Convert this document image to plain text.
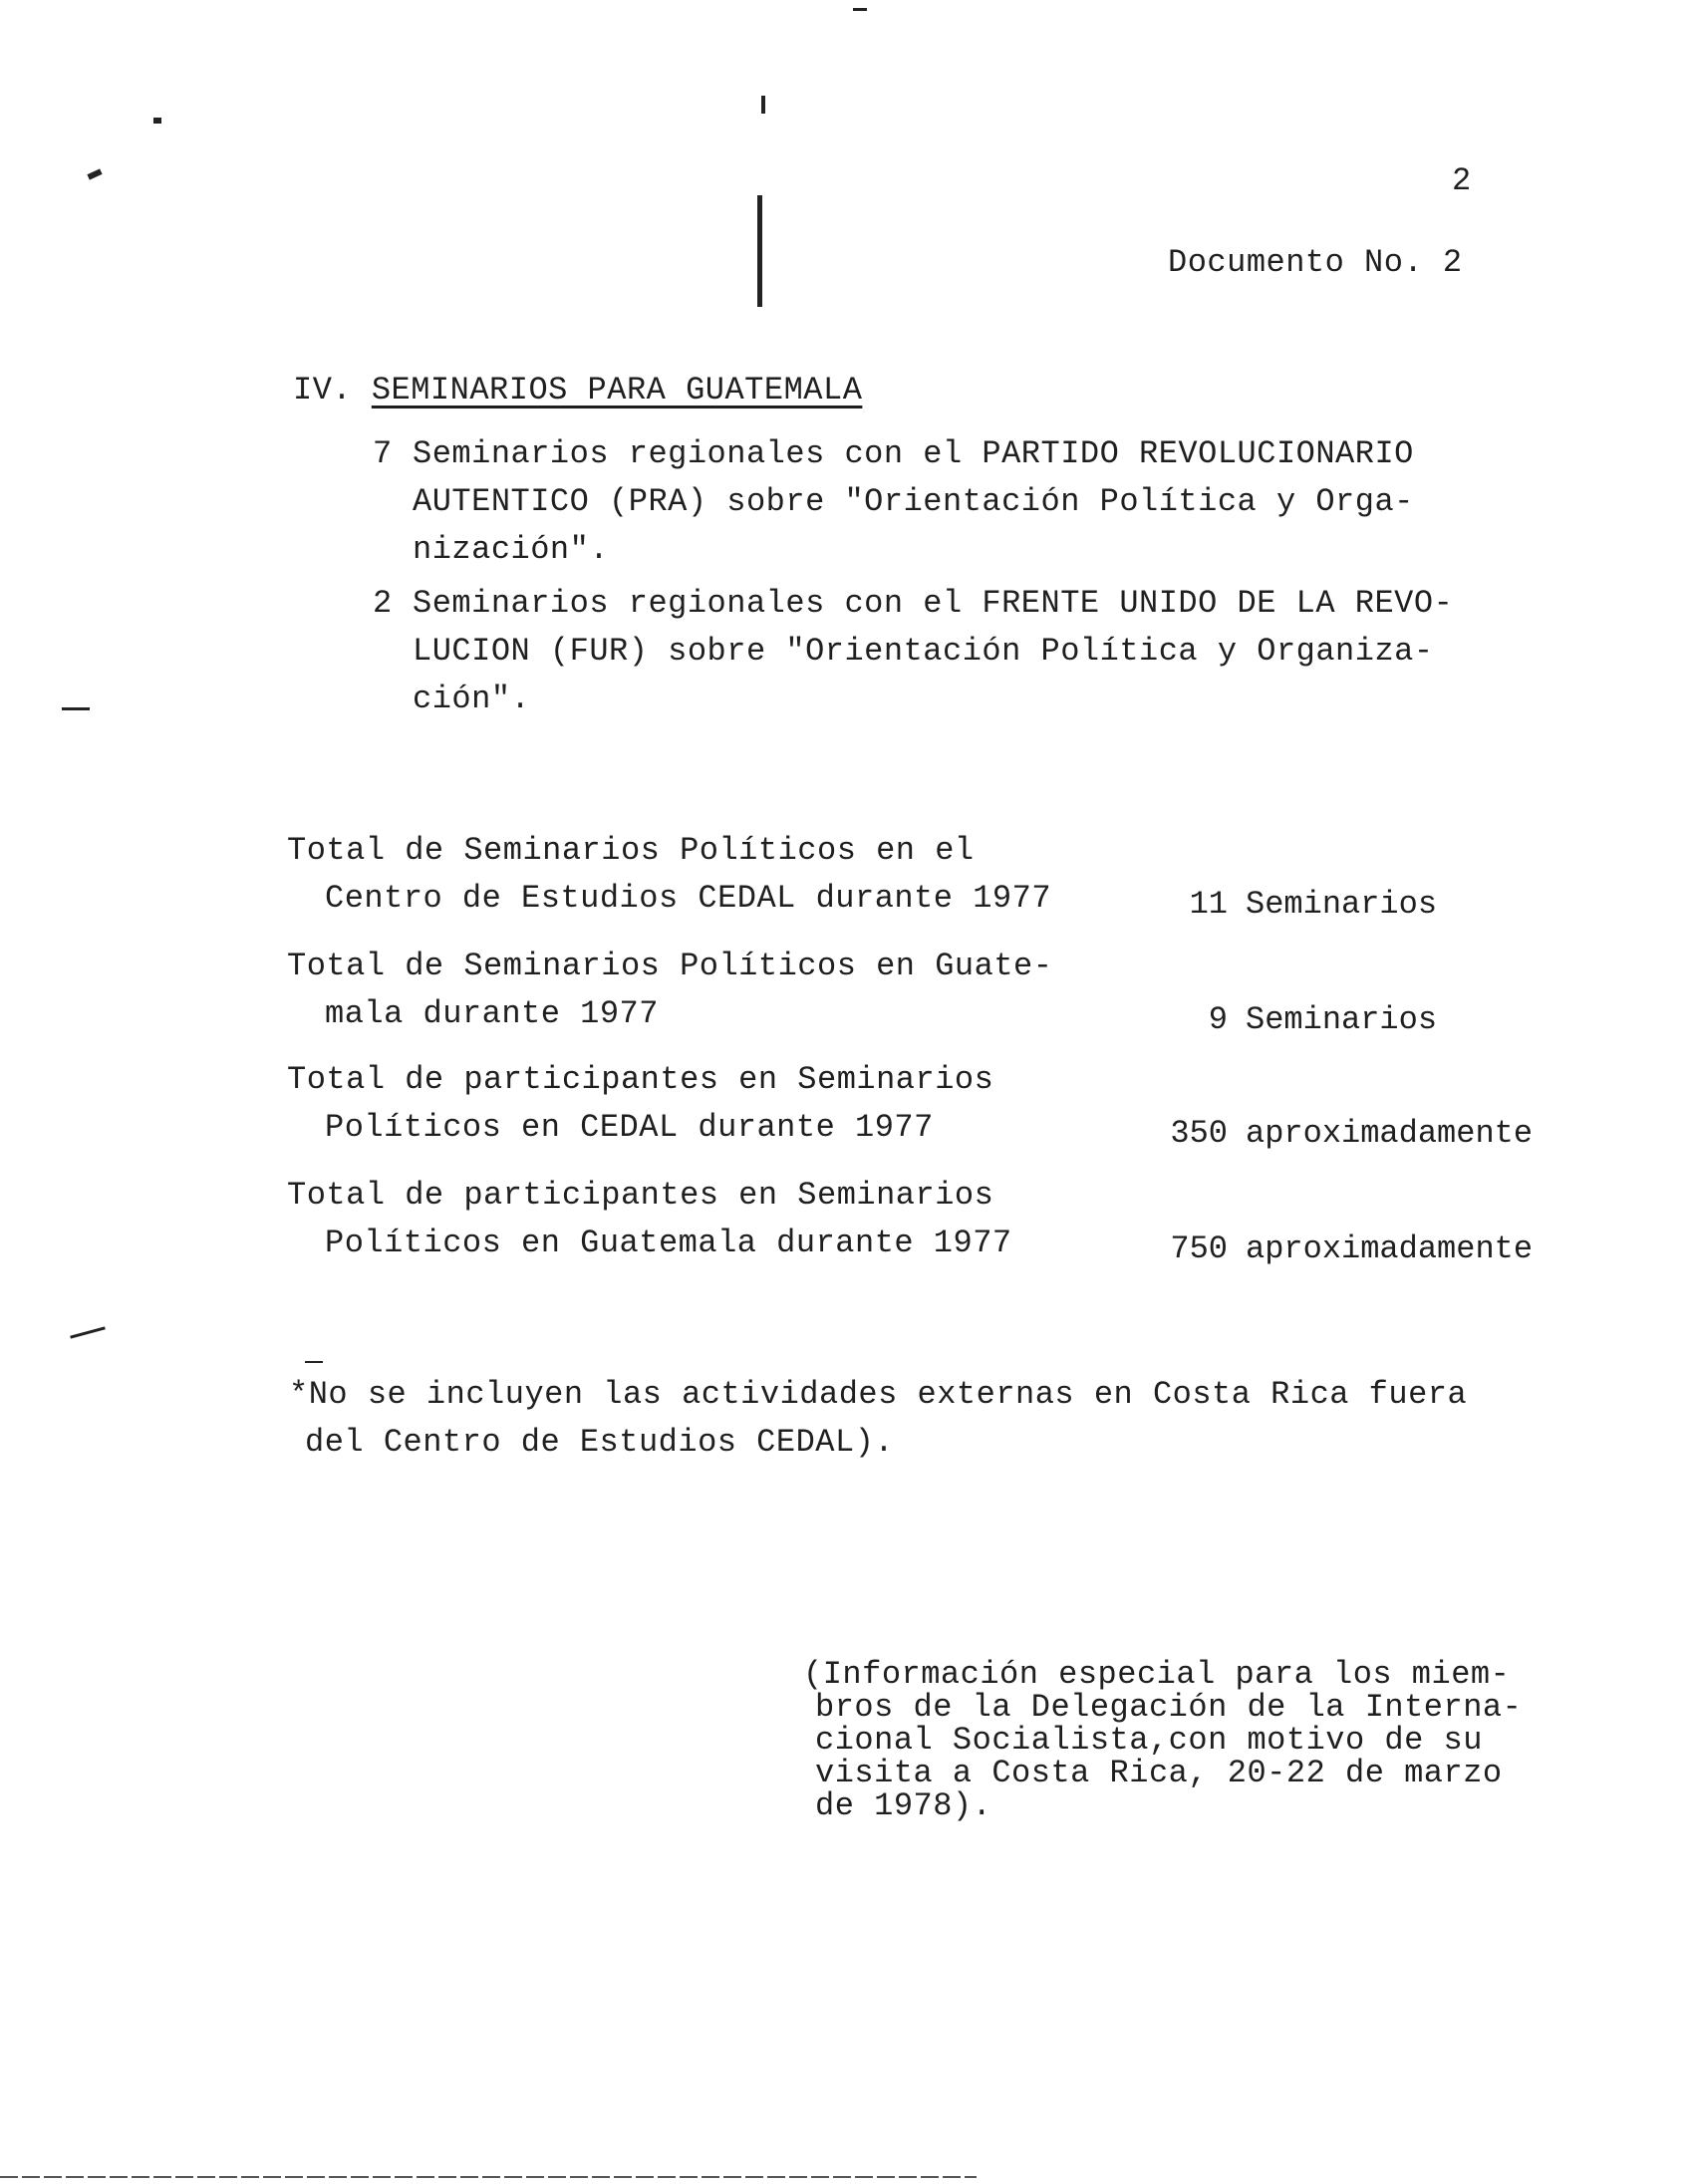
2
Documento No. 2
IV. SEMINARIOS PARA GUATEMALA
7 Seminarios regionales con el PARTIDO REVOLUCIONARIO
AUTENTICO (PRA) sobre "Orientación Política y Orga-
nización".
2 Seminarios regionales con el FRENTE UNIDO DE LA REVO-
LUCION (FUR) sobre "Orientación Política y Organiza-
ción".
Total de Seminarios Políticos en el
Centro de Estudios CEDAL durante 1977	11 Seminarios
Total de Seminarios Políticos en Guate-
mala durante 1977	9 Seminarios
Total de participantes en Seminarios
Políticos en CEDAL durante 1977	350 aproximadamente
Total de participantes en Seminarios
Políticos en Guatemala durante 1977	750 aproximadamente
*No se incluyen las actividades externas en Costa Rica fuera
del Centro de Estudios CEDAL).
(Información especial para los miem-
bros de la Delegación de la Interna-
cional Socialista,con motivo de su
visita a Costa Rica, 20-22 de marzo
de 1978).
